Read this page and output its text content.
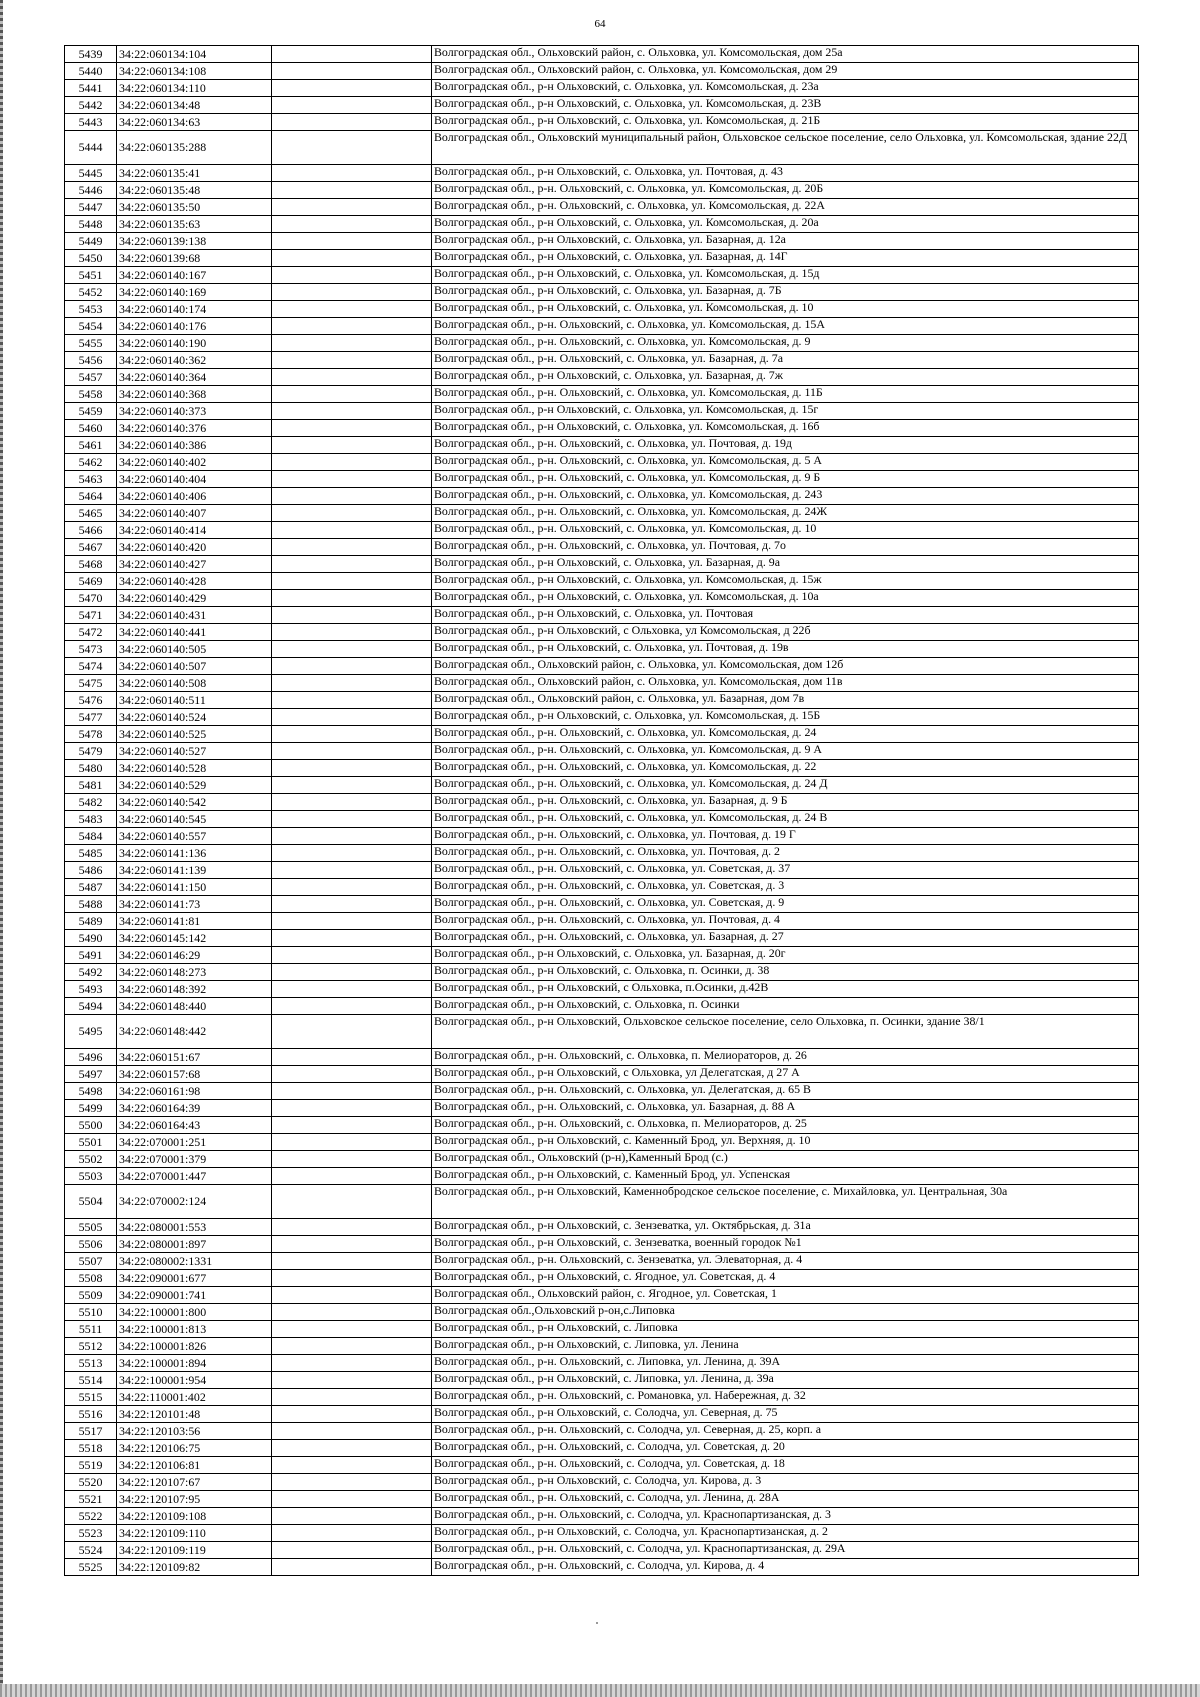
64
5439	34:22:060134:104		Волгоградская обл., Ольховский район, с. Ольховка, ул. Комсомольская, дом 25а
5440	34:22:060134:108		Волгоградская обл., Ольховский район, с. Ольховка, ул. Комсомольская, дом 29
5441	34:22:060134:110		Волгоградская обл., р-н Ольховский, с. Ольховка, ул. Комсомольская, д. 23а
5442	34:22:060134:48		Волгоградская обл., р-н Ольховский, с. Ольховка, ул. Комсомольская, д. 23В
5443	34:22:060134:63		Волгоградская обл., р-н Ольховский, с. Ольховка, ул. Комсомольская, д. 21Б
5444	34:22:060135:288		Волгоградская обл., Ольховский муниципальный район, Ольховское сельское поселение, село Ольховка, ул. Комсомольская, здание 22Д
5445	34:22:060135:41		Волгоградская обл., р-н Ольховский, с. Ольховка, ул. Почтовая, д. 43
5446	34:22:060135:48		Волгоградская обл., р-н. Ольховский, с. Ольховка, ул. Комсомольская, д. 20Б
5447	34:22:060135:50		Волгоградская обл., р-н. Ольховский, с. Ольховка, ул. Комсомольская, д. 22А
5448	34:22:060135:63		Волгоградская обл., р-н Ольховский, с. Ольховка, ул. Комсомольская, д. 20а
5449	34:22:060139:138		Волгоградская обл., р-н Ольховский, с. Ольховка, ул. Базарная, д. 12а
5450	34:22:060139:68		Волгоградская обл., р-н Ольховский, с. Ольховка, ул. Базарная, д. 14Г
5451	34:22:060140:167		Волгоградская обл., р-н Ольховский, с. Ольховка, ул. Комсомольская, д. 15д
5452	34:22:060140:169		Волгоградская обл., р-н Ольховский, с. Ольховка, ул. Базарная, д. 7Б
5453	34:22:060140:174		Волгоградская обл., р-н Ольховский, с. Ольховка, ул. Комсомольская, д. 10
5454	34:22:060140:176		Волгоградская обл., р-н. Ольховский, с. Ольховка, ул. Комсомольская, д. 15А
5455	34:22:060140:190		Волгоградская обл., р-н. Ольховский, с. Ольховка, ул. Комсомольская, д. 9
5456	34:22:060140:362		Волгоградская обл., р-н. Ольховский, с. Ольховка, ул. Базарная, д. 7а
5457	34:22:060140:364		Волгоградская обл., р-н Ольховский, с. Ольховка, ул. Базарная, д. 7ж
5458	34:22:060140:368		Волгоградская обл., р-н. Ольховский, с. Ольховка, ул. Комсомольская, д. 11Б
5459	34:22:060140:373		Волгоградская обл., р-н Ольховский, с. Ольховка, ул. Комсомольская, д. 15г
5460	34:22:060140:376		Волгоградская обл., р-н Ольховский, с. Ольховка, ул. Комсомольская, д. 16б
5461	34:22:060140:386		Волгоградская обл., р-н. Ольховский, с. Ольховка, ул. Почтовая, д. 19д
5462	34:22:060140:402		Волгоградская обл., р-н. Ольховский, с. Ольховка, ул. Комсомольская, д. 5 А
5463	34:22:060140:404		Волгоградская обл., р-н. Ольховский, с. Ольховка, ул. Комсомольская, д. 9 Б
5464	34:22:060140:406		Волгоградская обл., р-н. Ольховский, с. Ольховка, ул. Комсомольская, д. 243
5465	34:22:060140:407		Волгоградская обл., р-н. Ольховский, с. Ольховка, ул. Комсомольская, д. 24Ж
5466	34:22:060140:414		Волгоградская обл., р-н. Ольховский, с. Ольховка, ул. Комсомольская, д. 10
5467	34:22:060140:420		Волгоградская обл., р-н. Ольховский, с. Ольховка, ул. Почтовая, д. 7о
5468	34:22:060140:427		Волгоградская обл., р-н Ольховский, с. Ольховка, ул. Базарная, д. 9а
5469	34:22:060140:428		Волгоградская обл., р-н Ольховский, с. Ольховка, ул. Комсомольская, д. 15ж
5470	34:22:060140:429		Волгоградская обл., р-н Ольховский, с. Ольховка, ул. Комсомольская, д. 10а
5471	34:22:060140:431		Волгоградская обл., р-н Ольховский, с. Ольховка, ул. Почтовая
5472	34:22:060140:441		Волгоградская обл., р-н Ольховский, с Ольховка, ул Комсомольская, д 22б
5473	34:22:060140:505		Волгоградская обл., р-н Ольховский, с. Ольховка, ул. Почтовая, д. 19в
5474	34:22:060140:507		Волгоградская обл., Ольховский район, с. Ольховка, ул. Комсомольская, дом 12б
5475	34:22:060140:508		Волгоградская обл., Ольховский район, с. Ольховка, ул. Комсомольская, дом 11в
5476	34:22:060140:511		Волгоградская обл., Ольховский район, с. Ольховка, ул. Базарная, дом 7в
5477	34:22:060140:524		Волгоградская обл., р-н Ольховский, с. Ольховка, ул. Комсомольская, д. 15Б
5478	34:22:060140:525		Волгоградская обл., р-н. Ольховский, с. Ольховка, ул. Комсомольская, д. 24
5479	34:22:060140:527		Волгоградская обл., р-н. Ольховский, с. Ольховка, ул. Комсомольская, д. 9 А
5480	34:22:060140:528		Волгоградская обл., р-н. Ольховский, с. Ольховка, ул. Комсомольская, д. 22
5481	34:22:060140:529		Волгоградская обл., р-н. Ольховский, с. Ольховка, ул. Комсомольская, д. 24 Д
5482	34:22:060140:542		Волгоградская обл., р-н. Ольховский, с. Ольховка, ул. Базарная, д. 9 Б
5483	34:22:060140:545		Волгоградская обл., р-н. Ольховский, с. Ольховка, ул. Комсомольская, д. 24 В
5484	34:22:060140:557		Волгоградская обл., р-н. Ольховский, с. Ольховка, ул. Почтовая, д. 19 Г
5485	34:22:060141:136		Волгоградская обл., р-н. Ольховский, с. Ольховка, ул. Почтовая, д. 2
5486	34:22:060141:139		Волгоградская обл., р-н. Ольховский, с. Ольховка, ул. Советская, д. 37
5487	34:22:060141:150		Волгоградская обл., р-н. Ольховский, с. Ольховка, ул. Советская, д. 3
5488	34:22:060141:73		Волгоградская обл., р-н. Ольховский, с. Ольховка, ул. Советская, д. 9
5489	34:22:060141:81		Волгоградская обл., р-н. Ольховский, с. Ольховка, ул. Почтовая, д. 4
5490	34:22:060145:142		Волгоградская обл., р-н. Ольховский, с. Ольховка, ул. Базарная, д. 27
5491	34:22:060146:29		Волгоградская обл., р-н Ольховский, с. Ольховка, ул. Базарная, д. 20г
5492	34:22:060148:273		Волгоградская обл., р-н Ольховский, с. Ольховка, п. Осинки, д. 38
5493	34:22:060148:392		Волгоградская обл., р-н Ольховский, с Ольховка, п.Осинки, д.42В
5494	34:22:060148:440		Волгоградская обл., р-н Ольховский, с. Ольховка, п. Осинки
5495	34:22:060148:442		Волгоградская обл., р-н Ольховский, Ольховское сельское поселение, село Ольховка, п. Осинки, здание 38/1
5496	34:22:060151:67		Волгоградская обл., р-н. Ольховский, с. Ольховка, п. Мелиораторов, д. 26
5497	34:22:060157:68		Волгоградская обл., р-н Ольховский, с Ольховка, ул Делегатская, д 27 А
5498	34:22:060161:98		Волгоградская обл., р-н. Ольховский, с. Ольховка, ул. Делегатская, д. 65 В
5499	34:22:060164:39		Волгоградская обл., р-н. Ольховский, с. Ольховка, ул. Базарная, д. 88 А
5500	34:22:060164:43		Волгоградская обл., р-н. Ольховский, с. Ольховка, п. Мелиораторов, д. 25
5501	34:22:070001:251		Волгоградская обл., р-н Ольховский, с. Каменный Брод, ул. Верхняя, д. 10
5502	34:22:070001:379		Волгоградская обл., Ольховский (р-н),Каменный Брод (с.)
5503	34:22:070001:447		Волгоградская обл., р-н Ольховский, с. Каменный Брод, ул. Успенская
5504	34:22:070002:124		Волгоградская обл., р-н Ольховский, Каменнобродское сельское поселение, с. Михайловка, ул. Центральная, 30а
5505	34:22:080001:553		Волгоградская обл., р-н Ольховский, с. Зензеватка, ул. Октябрьская, д. 31а
5506	34:22:080001:897		Волгоградская обл., р-н Ольховский, с. Зензеватка, военный городок №1
5507	34:22:080002:1331		Волгоградская обл., р-н. Ольховский, с. Зензеватка, ул. Элеваторная, д. 4
5508	34:22:090001:677		Волгоградская обл., р-н Ольховский, с. Ягодное, ул. Советская, д. 4
5509	34:22:090001:741		Волгоградская обл., Ольховский район, с. Ягодное, ул. Советская, 1
5510	34:22:100001:800		Волгоградская обл.,Ольховский р-он,с.Липовка
5511	34:22:100001:813		Волгоградская обл., р-н Ольховский, с. Липовка
5512	34:22:100001:826		Волгоградская обл., р-н Ольховский, с. Липовка, ул. Ленина
5513	34:22:100001:894		Волгоградская обл., р-н. Ольховский, с. Липовка, ул. Ленина, д. 39А
5514	34:22:100001:954		Волгоградская обл., р-н Ольховский, с. Липовка, ул. Ленина, д. 39а
5515	34:22:110001:402		Волгоградская обл., р-н. Ольховский, с. Романовка, ул. Набережная, д. 32
5516	34:22:120101:48		Волгоградская обл., р-н Ольховский, с. Солодча, ул. Северная, д. 75
5517	34:22:120103:56		Волгоградская обл., р-н. Ольховский, с. Солодча, ул. Северная, д. 25, корп. а
5518	34:22:120106:75		Волгоградская обл., р-н. Ольховский, с. Солодча, ул. Советская, д. 20
5519	34:22:120106:81		Волгоградская обл., р-н. Ольховский, с. Солодча, ул. Советская, д. 18
5520	34:22:120107:67		Волгоградская обл., р-н Ольховский, с. Солодча, ул. Кирова, д. 3
5521	34:22:120107:95		Волгоградская обл., р-н. Ольховский, с. Солодча, ул. Ленина, д. 28А
5522	34:22:120109:108		Волгоградская обл., р-н. Ольховский, с. Солодча, ул. Краснопартизанская, д. 3
5523	34:22:120109:110		Волгоградская обл., р-н Ольховский, с. Солодча, ул. Краснопартизанская, д. 2
5524	34:22:120109:119		Волгоградская обл., р-н. Ольховский, с. Солодча, ул. Краснопартизанская, д. 29А
5525	34:22:120109:82		Волгоградская обл., р-н. Ольховский, с. Солодча, ул. Кирова, д. 4
